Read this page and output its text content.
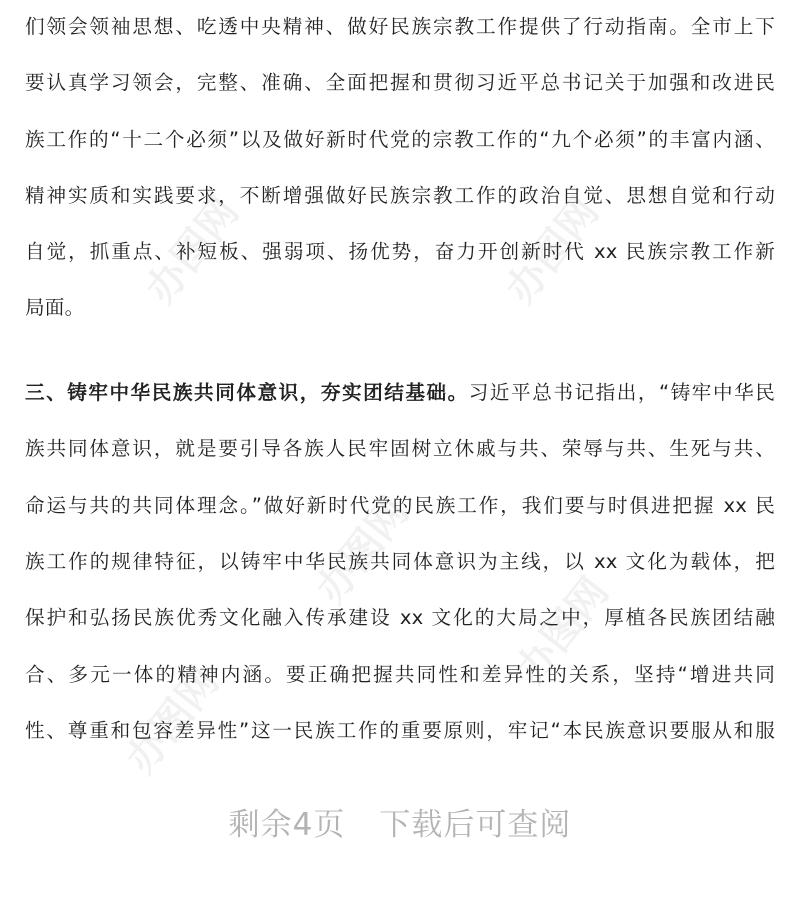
办图网	办图网
办图网
办图网
办图网
们领会领袖思想、吃透中央精神、做好民族宗教工作提供了行动指南。全市上下
要认真学习领会，完整、准确、全面把握和贯彻习近平总书记关于加强和改进民
族工作的“十二个必须”以及做好新时代党的宗教工作的“九个必须”的丰富内涵、
精神实质和实践要求，不断增强做好民族宗教工作的政治自觉、思想自觉和行动
自觉，抓重点、补短板、强弱项、扬优势，奋力开创新时代 xx 民族宗教工作新
局面。
三、铸牢中华民族共同体意识，夯实团结基础。习近平总书记指出，“铸牢中华民
族共同体意识，就是要引导各族人民牢固树立休戚与共、荣辱与共、生死与共、
命运与共的共同体理念。”做好新时代党的民族工作，我们要与时俱进把握 xx 民
族工作的规律特征，以铸牢中华民族共同体意识为主线，以 xx 文化为载体，把
保护和弘扬民族优秀文化融入传承建设 xx 文化的大局之中，厚植各民族团结融
合、多元一体的精神内涵。要正确把握共同性和差异性的关系，坚持“增进共同
性、尊重和包容差异性”这一民族工作的重要原则，牢记“本民族意识要服从和服
剩余4页 下载后可查阅
